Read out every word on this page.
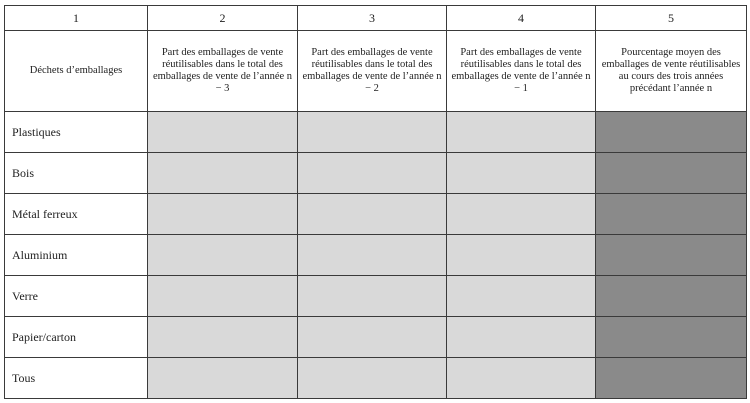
1	2	3	4	5
Déchets d’emballages	Part des emballages de vente réutilisables dans le total des emballages de vente de l’année n − 3	Part des emballages de vente réutilisables dans le total des emballages de vente de l’année n − 2	Part des emballages de vente réutilisables dans le total des emballages de vente de l’année n − 1	Pourcentage moyen des emballages de vente réutilisables au cours des trois années précédant l’année n
Plastiques				
Bois				
Métal ferreux				
Aluminium				
Verre				
Papier/carton				
Tous				
